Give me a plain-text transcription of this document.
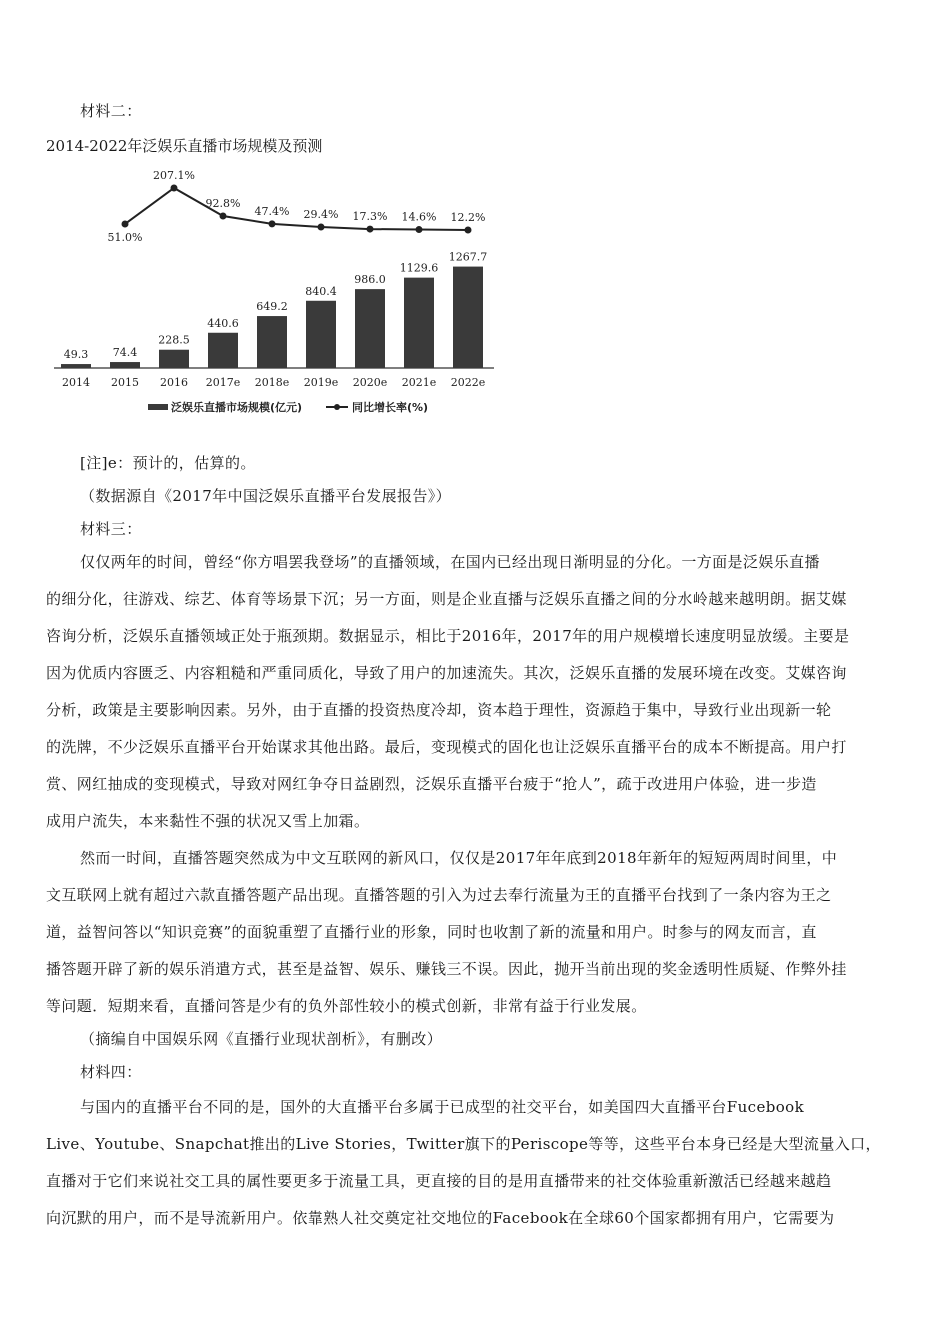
材料二：
2014-2022年泛娱乐直播市场规模及预测
49.3 74.4
228.5
440.6
649.2
840.4
986.0
1129.6
1267.7
51.0%
207.1%
92.8%
47.4% 29.4% 17.3% 14.6% 12.2%
2014 2015 2016 2017e 2018e 2019e 2020e 2021e 2022e
泛娱乐直播市场规模(亿元)	同比增长率(%)
[注]e：预计的，估算的。
（数据源自《2017年中国泛娱乐直播平台发展报告》）
材料三：
仅仅两年的时间，曾经“你方唱罢我登场”的直播领域，在国内已经出现日渐明显的分化。一方面是泛娱乐直播
的细分化，往游戏、综艺、体育等场景下沉；另一方面，则是企业直播与泛娱乐直播之间的分水岭越来越明朗。据艾媒
咨询分析，泛娱乐直播领域正处于瓶颈期。数据显示，相比于2016年，2017年的用户规模增长速度明显放缓。主要是
因为优质内容匮乏、内容粗糙和严重同质化，导致了用户的加速流失。其次，泛娱乐直播的发展环境在改变。艾媒咨询
分析，政策是主要影响因素。另外，由于直播的投资热度冷却，资本趋于理性，资源趋于集中，导致行业出现新一轮
的洗牌，不少泛娱乐直播平台开始谋求其他出路。最后，变现模式的固化也让泛娱乐直播平台的成本不断提高。用户打
赏、网红抽成的变现模式，导致对网红争夺日益剧烈，泛娱乐直播平台疲于“抢人”，疏于改进用户体验，进一步造
成用户流失，本来黏性不强的状况又雪上加霜。
然而一时间，直播答题突然成为中文互联网的新风口，仅仅是2017年年底到2018年新年的短短两周时间里，中
文互联网上就有超过六款直播答题产品出现。直播答题的引入为过去奉行流量为王的直播平台找到了一条内容为王之
道，益智问答以“知识竞赛”的面貌重塑了直播行业的形象，同时也收割了新的流量和用户。时参与的网友而言，直
播答题开辟了新的娱乐消遣方式，甚至是益智、娱乐、赚钱三不误。因此，抛开当前出现的奖金透明性质疑、作弊外挂
等问题．短期来看，直播问答是少有的负外部性较小的模式创新，非常有益于行业发展。
（摘编自中国娱乐网《直播行业现状剖析》，有删改）
材料四：
与国内的直播平台不同的是，国外的大直播平台多属于已成型的社交平台，如美国四大直播平台Fucebook
Live、Youtube、Snapchat推出的Live Stories，Twitter旗下的Periscope等等，这些平台本身已经是大型流量入口，
直播对于它们来说社交工具的属性要更多于流量工具，更直接的目的是用直播带来的社交体验重新激活已经越来越趋
向沉默的用户，而不是导流新用户。依靠熟人社交奠定社交地位的Facebook在全球60个国家都拥有用户，它需要为
